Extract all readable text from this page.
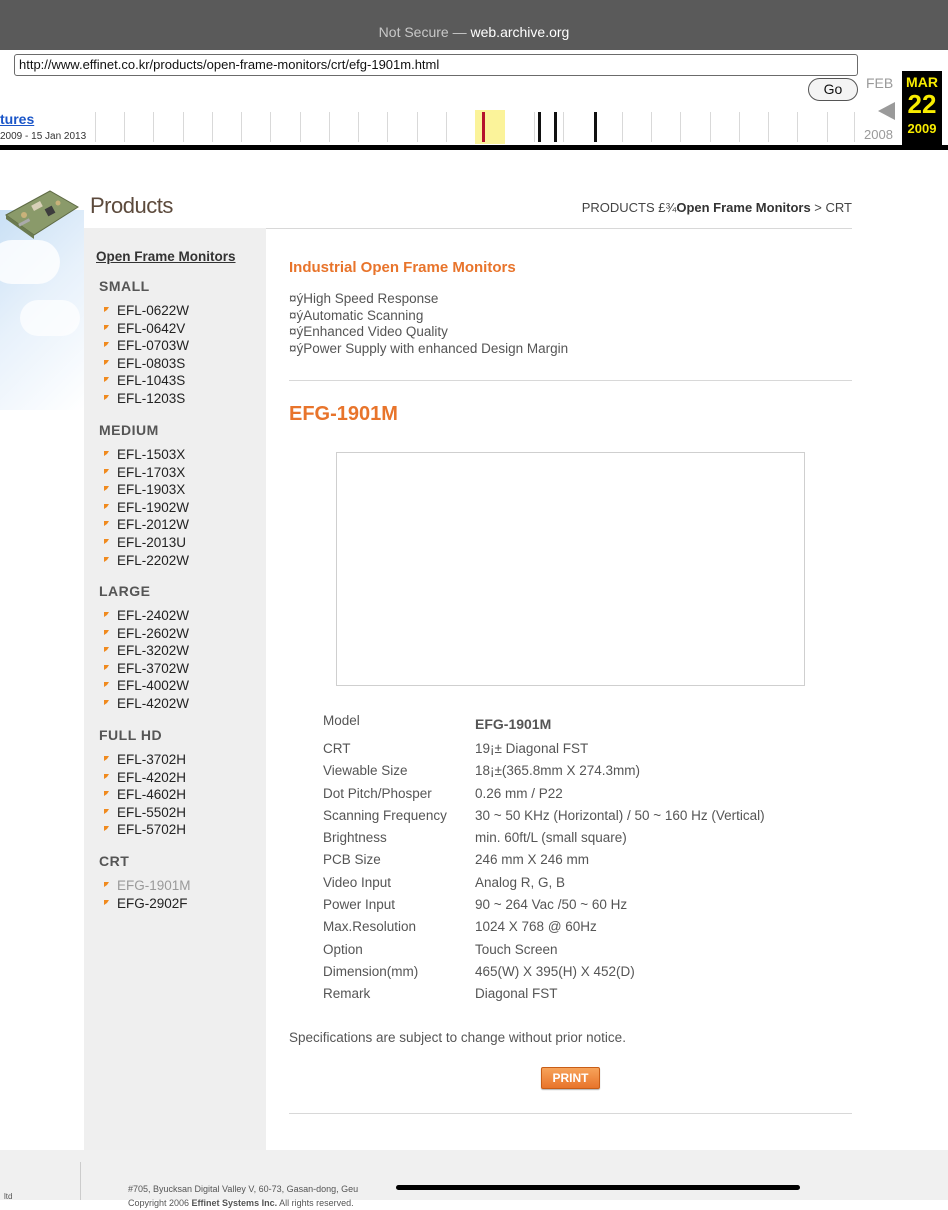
Not Secure — web.archive.org
http://www.effinet.co.kr/products/open-frame-monitors/crt/efg-1901m.html
Go
tures
2009 - 15 Jan 2013
FEB
2008
MAR
22
2009
Products	PRODUCTS £¾Open Frame Monitors > CRT
Open Frame Monitors
SMALL
EFL-0622W
EFL-0642V
EFL-0703W
EFL-0803S
EFL-1043S
EFL-1203S
MEDIUM
EFL-1503X
EFL-1703X
EFL-1903X
EFL-1902W
EFL-2012W
EFL-2013U
EFL-2202W
LARGE
EFL-2402W
EFL-2602W
EFL-3202W
EFL-3702W
EFL-4002W
EFL-4202W
FULL HD
EFL-3702H
EFL-4202H
EFL-4602H
EFL-5502H
EFL-5702H
CRT
EFG-1901M
EFG-2902F
Industrial Open Frame Monitors
¤ýHigh Speed Response
¤ýAutomatic Scanning
¤ýEnhanced Video Quality
¤ýPower Supply with enhanced Design Margin
EFG-1901M
Model	EFG-1901M
CRT	19¡± Diagonal FST
Viewable Size	18¡±(365.8mm X 274.3mm)
Dot Pitch/Phosper	0.26 mm / P22
Scanning Frequency	30 ~ 50 KHz (Horizontal) / 50 ~ 160 Hz (Vertical)
Brightness	min. 60ft/L (small square)
PCB Size	246 mm X 246 mm
Video Input	Analog R, G, B
Power Input	90 ~ 264 Vac /50 ~ 60 Hz
Max.Resolution	1024 X 768 @ 60Hz
Option	Touch Screen
Dimension(mm)	465(W) X 395(H) X 452(D)
Remark	Diagonal FST
Specifications are subject to change without prior notice.
PRINT
ltd
#705, Byucksan Digital Valley V, 60-73, Gasan-dong, Geu
Copyright 2006 Effinet Systems Inc. All rights reserved.
